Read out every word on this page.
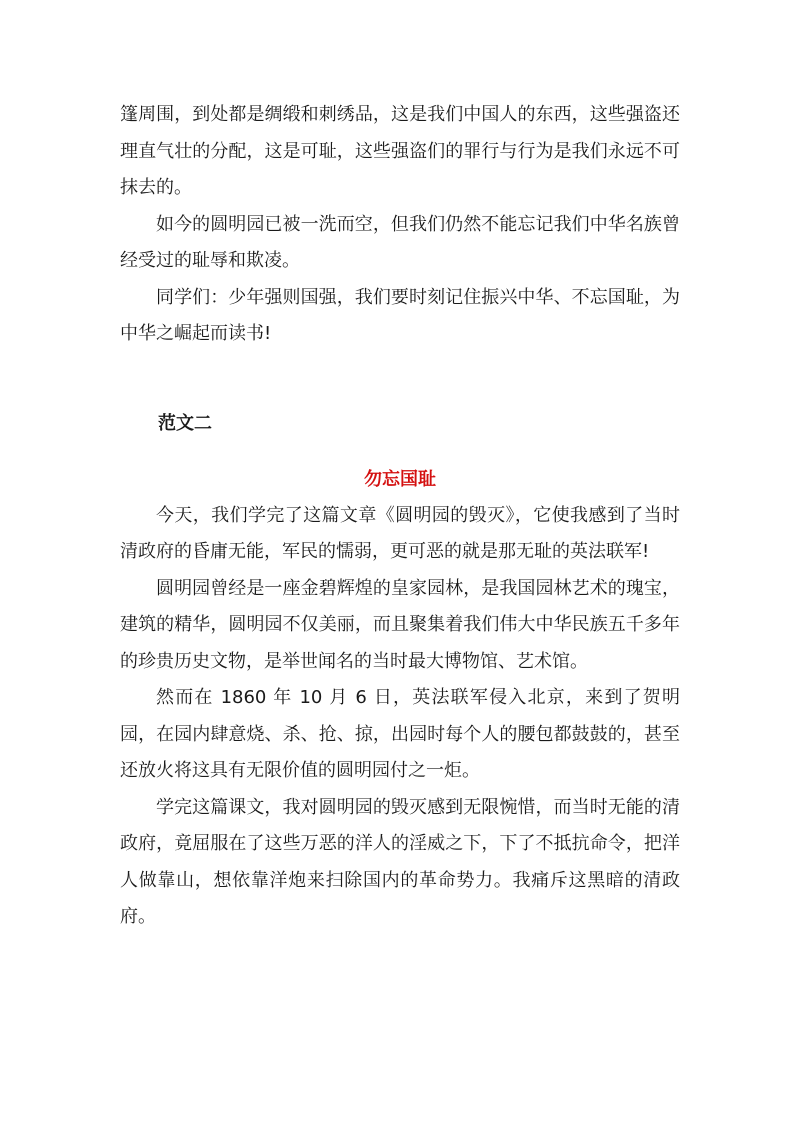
篷周围，到处都是绸缎和刺绣品，这是我们中国人的东西，这些强盗还理直气壮的分配，这是可耻，这些强盗们的罪行与行为是我们永远不可抹去的。

如今的圆明园已被一洗而空，但我们仍然不能忘记我们中华名族曾经受过的耻辱和欺凌。

同学们：少年强则国强，我们要时刻记住振兴中华、不忘国耻，为中华之崛起而读书!

范文二

勿忘国耻

今天，我们学完了这篇文章《圆明园的毁灭》，它使我感到了当时清政府的昏庸无能，军民的懦弱，更可恶的就是那无耻的英法联军!

圆明园曾经是一座金碧辉煌的皇家园林，是我国园林艺术的瑰宝，建筑的精华，圆明园不仅美丽，而且聚集着我们伟大中华民族五千多年的珍贵历史文物，是举世闻名的当时最大博物馆、艺术馆。

然而在 1860 年 10 月 6 日，英法联军侵入北京，来到了贺明园，在园内肆意烧、杀、抢、掠，出园时每个人的腰包都鼓鼓的，甚至还放火将这具有无限价值的圆明园付之一炬。

学完这篇课文，我对圆明园的毁灭感到无限惋惜，而当时无能的清政府，竟屈服在了这些万恶的洋人的淫威之下，下了不抵抗命令，把洋人做靠山，想依靠洋炮来扫除国内的革命势力。我痛斥这黑暗的清政府。
